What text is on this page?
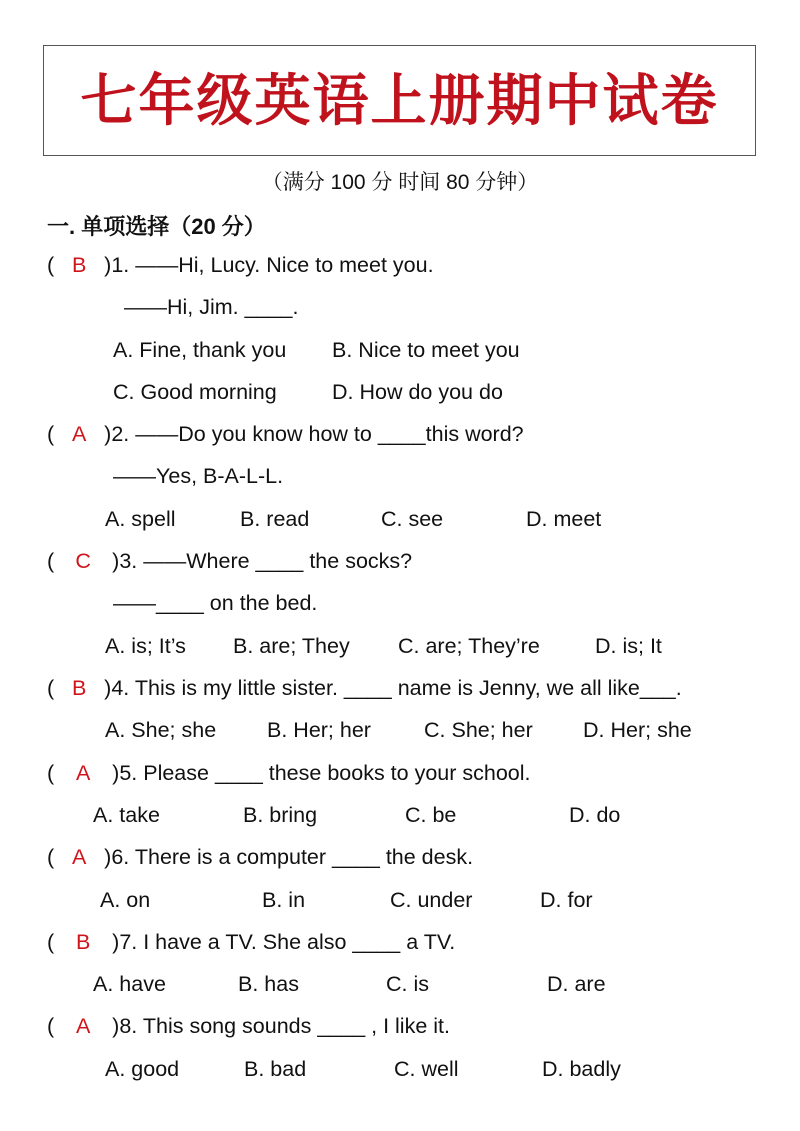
七年级英语上册期中试卷
（满分 100 分 时间 80 分钟）
一. 单项选择（20 分）
( B )1. ——Hi, Lucy. Nice to meet you.
——Hi, Jim. ____.
A. Fine, thank you B. Nice to meet you
C. Good morning	D. How do you do
( A )2. ——Do you know how to ____this word?
——Yes, B-A-L-L.
A. spell	B. read	C. see	D. meet
( C )3. ——Where ____ the socks?
——____ on the bed.
A. is; It’s B. are; They C. are; They’re	D. is; It
( B )4. This is my little sister. ____ name is Jenny, we all like___.
A. She; she B. Her; her C. She; her D. Her; she
( A )5. Please ____ these books to your school.
A. take	B. bring	C. be	D. do
( A )6. There is a computer ____ the desk.
A. on	B. in	C. under	D. for
( B )7. I have a TV. She also ____ a TV.
A. have	B. has	C. is	D. are
( A )8. This song sounds ____ , I like it.
A. good	B. bad	C. well	D. badly
